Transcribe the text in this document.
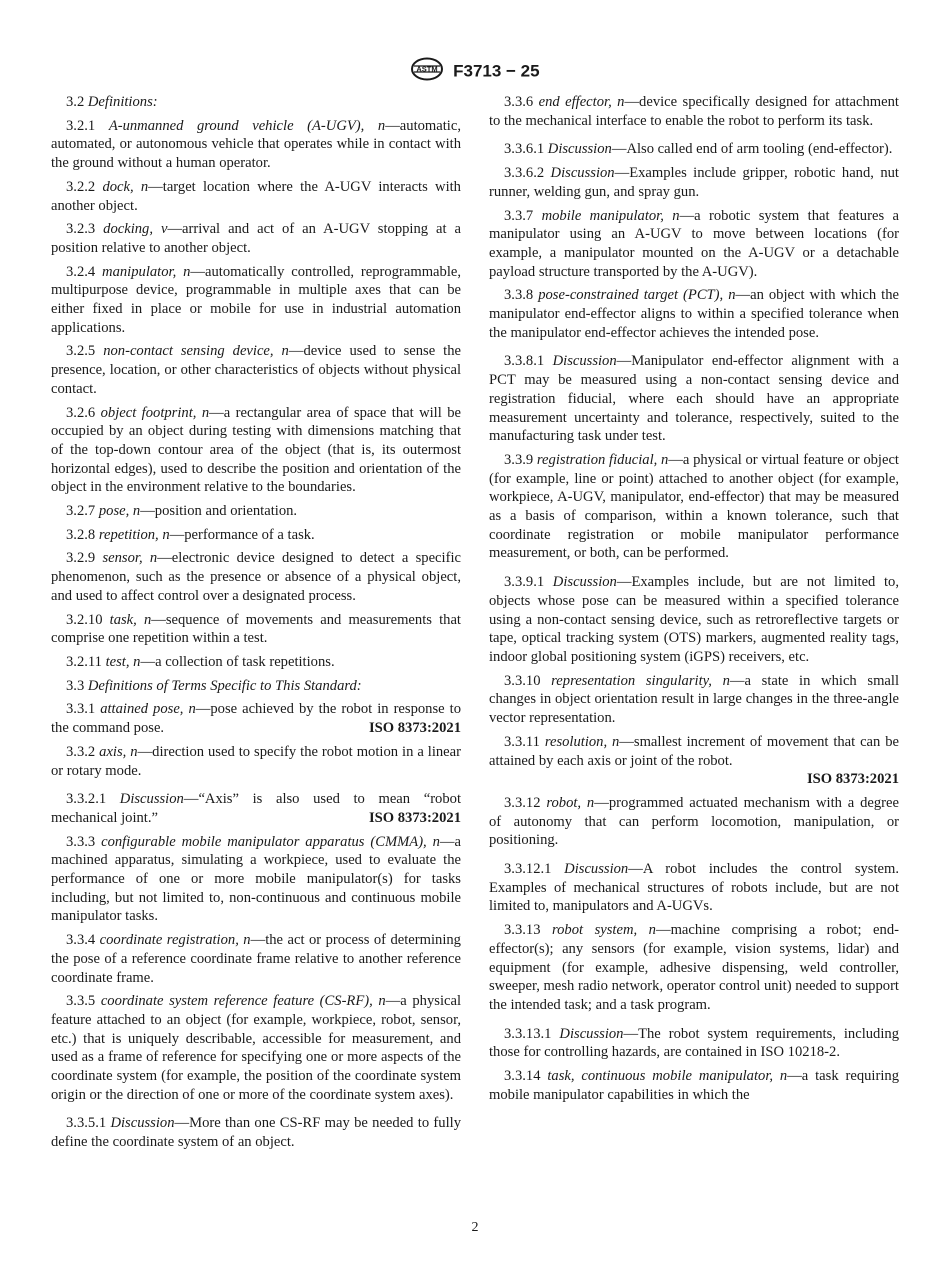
ASTM F3713 − 25
3.2 Definitions:
3.2.1 A-unmanned ground vehicle (A-UGV), n—automatic, automated, or autonomous vehicle that operates while in contact with the ground without a human operator.
3.2.2 dock, n—target location where the A-UGV interacts with another object.
3.2.3 docking, v—arrival and act of an A-UGV stopping at a position relative to another object.
3.2.4 manipulator, n—automatically controlled, reprogrammable, multipurpose device, programmable in multiple axes that can be either fixed in place or mobile for use in industrial automation applications.
3.2.5 non-contact sensing device, n—device used to sense the presence, location, or other characteristics of objects without physical contact.
3.2.6 object footprint, n—a rectangular area of space that will be occupied by an object during testing with dimensions matching that of the top-down contour area of the object (that is, its outermost horizontal edges), used to describe the position and orientation of the object in the environment relative to the boundaries.
3.2.7 pose, n—position and orientation.
3.2.8 repetition, n—performance of a task.
3.2.9 sensor, n—electronic device designed to detect a specific phenomenon, such as the presence or absence of a physical object, and used to affect control over a designated process.
3.2.10 task, n—sequence of movements and measurements that comprise one repetition within a test.
3.2.11 test, n—a collection of task repetitions.
3.3 Definitions of Terms Specific to This Standard:
3.3.1 attained pose, n—pose achieved by the robot in response to the command pose.	ISO 8373:2021
3.3.2 axis, n—direction used to specify the robot motion in a linear or rotary mode.
3.3.2.1 Discussion—“Axis” is also used to mean “robot mechanical joint.”	ISO 8373:2021
3.3.3 configurable mobile manipulator apparatus (CMMA), n—a machined apparatus, simulating a workpiece, used to evaluate the performance of one or more mobile manipulator(s) for tasks including, but not limited to, non-continuous and continuous mobile manipulator tasks.
3.3.4 coordinate registration, n—the act or process of determining the pose of a reference coordinate frame relative to another reference coordinate frame.
3.3.5 coordinate system reference feature (CS-RF), n—a physical feature attached to an object (for example, workpiece, robot, sensor, etc.) that is uniquely describable, accessible for measurement, and used as a frame of reference for specifying one or more aspects of the coordinate system (for example, the position of the coordinate system origin or the direction of one or more of the coordinate system axes).
3.3.5.1 Discussion—More than one CS-RF may be needed to fully define the coordinate system of an object.
3.3.6 end effector, n—device specifically designed for attachment to the mechanical interface to enable the robot to perform its task.
3.3.6.1 Discussion—Also called end of arm tooling (end-effector).
3.3.6.2 Discussion—Examples include gripper, robotic hand, nut runner, welding gun, and spray gun.
3.3.7 mobile manipulator, n—a robotic system that features a manipulator using an A-UGV to move between locations (for example, a manipulator mounted on the A-UGV or a detachable payload structure transported by the A-UGV).
3.3.8 pose-constrained target (PCT), n—an object with which the manipulator end-effector aligns to within a specified tolerance when the manipulator end-effector achieves the intended pose.
3.3.8.1 Discussion—Manipulator end-effector alignment with a PCT may be measured using a non-contact sensing device and registration fiducial, where each should have an appropriate measurement uncertainty and tolerance, respectively, suited to the manufacturing task under test.
3.3.9 registration fiducial, n—a physical or virtual feature or object (for example, line or point) attached to another object (for example, workpiece, A-UGV, manipulator, end-effector) that may be measured as a basis of comparison, within a known tolerance, such that coordinate registration or mobile manipulator performance measurement, or both, can be performed.
3.3.9.1 Discussion—Examples include, but are not limited to, objects whose pose can be measured within a specified tolerance using a non-contact sensing device, such as retroreflective targets or tape, optical tracking system (OTS) markers, augmented reality tags, indoor global positioning system (iGPS) receivers, etc.
3.3.10 representation singularity, n—a state in which small changes in object orientation result in large changes in the three-angle vector representation.
3.3.11 resolution, n—smallest increment of movement that can be attained by each axis or joint of the robot.
ISO 8373:2021
3.3.12 robot, n—programmed actuated mechanism with a degree of autonomy that can perform locomotion, manipulation, or positioning.
3.3.12.1 Discussion—A robot includes the control system. Examples of mechanical structures of robots include, but are not limited to, manipulators and A-UGVs.
3.3.13 robot system, n—machine comprising a robot; end-effector(s); any sensors (for example, vision systems, lidar) and equipment (for example, adhesive dispensing, weld controller, sweeper, mesh radio network, operator control unit) needed to support the intended task; and a task program.
3.3.13.1 Discussion—The robot system requirements, including those for controlling hazards, are contained in ISO 10218-2.
3.3.14 task, continuous mobile manipulator, n—a task requiring mobile manipulator capabilities in which the
2
